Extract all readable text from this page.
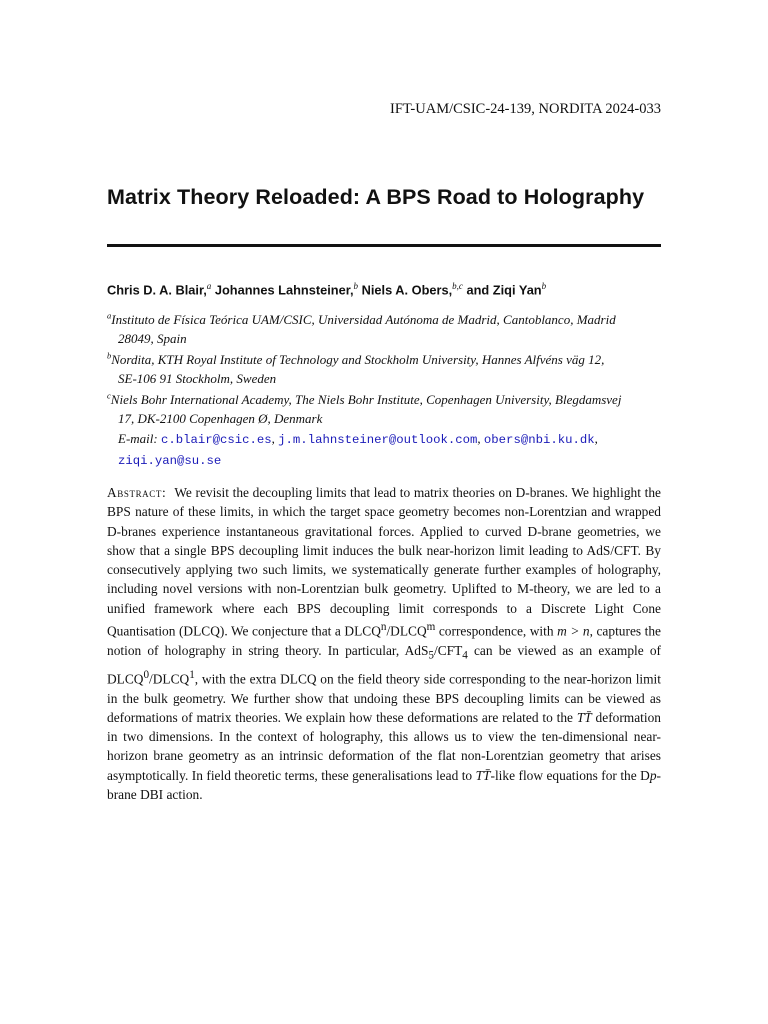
IFT-UAM/CSIC-24-139, NORDITA 2024-033
Matrix Theory Reloaded: A BPS Road to Holography
Chris D. A. Blair,$^a$ Johannes Lahnsteiner,$^b$ Niels A. Obers,$^{b,c}$ and Ziqi Yan$^b$
$^a$Instituto de Física Teórica UAM/CSIC, Universidad Autónoma de Madrid, Cantoblanco, Madrid
28049, Spain
$^b$Nordita, KTH Royal Institute of Technology and Stockholm University, Hannes Alfvéns väg 12,
SE-106 91 Stockholm, Sweden
$^c$Niels Bohr International Academy, The Niels Bohr Institute, Copenhagen University, Blegdamsvej
17, DK-2100 Copenhagen Ø, Denmark
E-mail: c.blair@csic.es, j.m.lahnsteiner@outlook.com, obers@nbi.ku.dk,
ziqi.yan@su.se
Abstract: We revisit the decoupling limits that lead to matrix theories on D-branes. We highlight the BPS nature of these limits, in which the target space geometry becomes non-Lorentzian and wrapped D-branes experience instantaneous gravitational forces. Applied to curved D-brane geometries, we show that a single BPS decoupling limit induces the bulk near-horizon limit leading to AdS/CFT. By consecutively applying two such limits, we systematically generate further examples of holography, including novel versions with non-Lorentzian bulk geometry. Uplifted to M-theory, we are led to a unified framework where each BPS decoupling limit corresponds to a Discrete Light Cone Quantisation (DLCQ). We conjecture that a DLCQ$^n$/DLCQ$^m$ correspondence, with m > n, captures the notion of holography in string theory. In particular, $AdS_5/CFT_4$ can be viewed as an example of DLCQ$^0$/DLCQ$^1$, with the extra DLCQ on the field theory side corresponding to the near-horizon limit in the bulk geometry. We further show that undoing these BPS decoupling limits can be viewed as deformations of matrix theories. We explain how these deformations are related to the TT̄ deformation in two dimensions. In the context of holography, this allows us to view the ten-dimensional near-horizon brane geometry as an intrinsic deformation of the flat non-Lorentzian geometry that arises asymptotically. In field theoretic terms, these generalisations lead to TT̄-like flow equations for the Dp-brane DBI action.
